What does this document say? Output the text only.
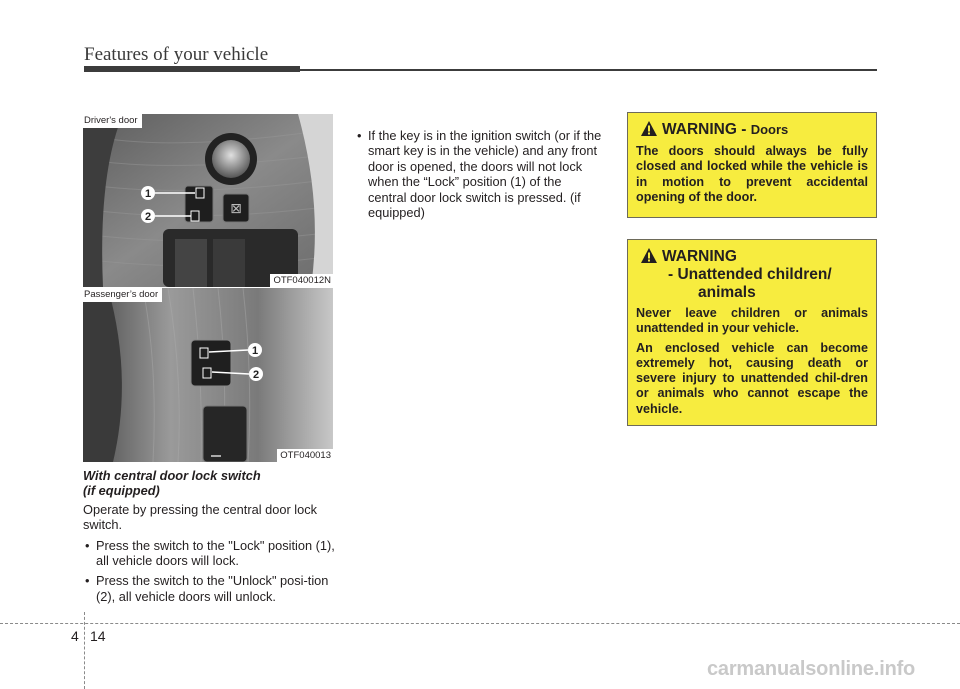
Features of your vehicle
⊠
1
2
Driver's door
OTF040012N
1
2
Passenger’s door
OTF040013
With central door lock switch
(if equipped)

Operate by pressing the central door lock switch.

• Press the switch to the "Lock" position (1), all vehicle doors will lock.

• Press the switch to the "Unlock" posi-tion (2), all vehicle doors will unlock.

• If the key is in the ignition switch (or if the smart key is in the vehicle) and any front door is opened, the doors will not lock when the “Lock” position (1) of the central door lock switch is pressed. (if equipped)

WARNING - Doors

The doors should always be fully closed and locked while the vehicle is in motion to prevent accidental opening of the door.

WARNING
- Unattended children/
animals

Never leave children or animals unattended in your vehicle.

An enclosed vehicle can become extremely hot, causing death or severe injury to unattended chil-dren or animals who cannot escape the vehicle.

4 14
carmanualsonline.info
